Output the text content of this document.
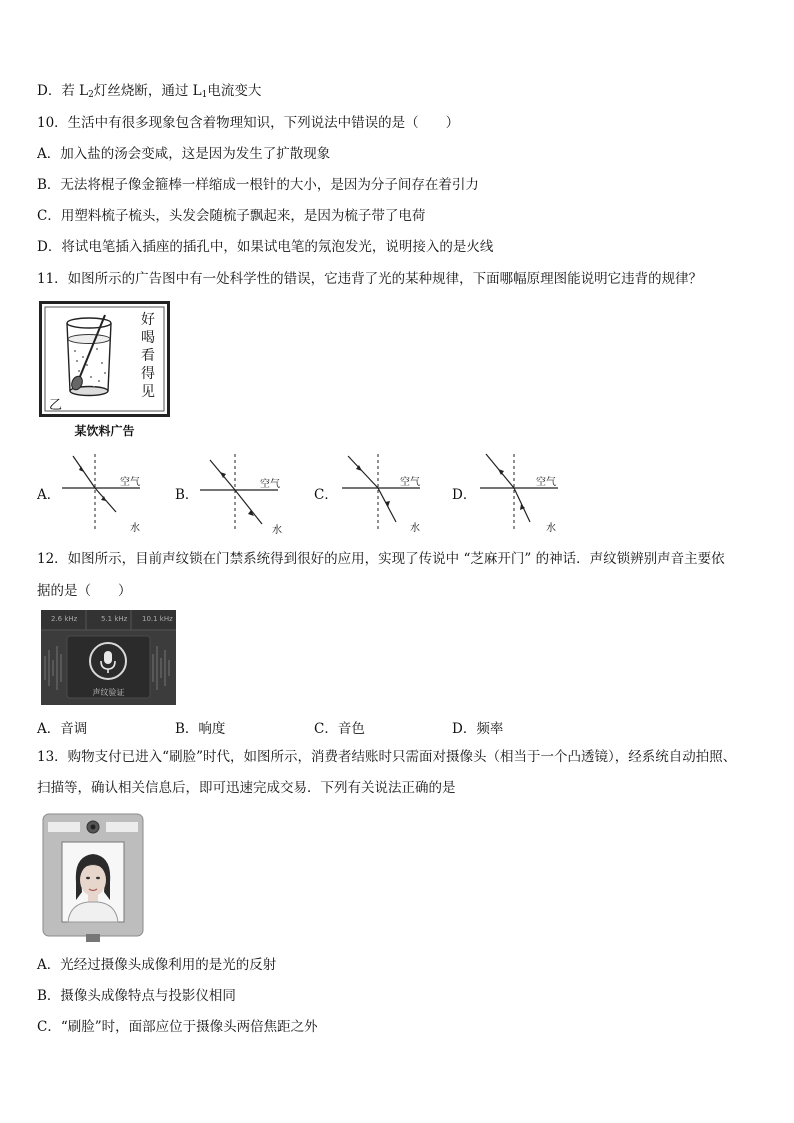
D．若 $L_2$灯丝烧断，通过 $L_1$电流变大
10．生活中有很多现象包含着物理知识，下列说法中错误的是（　　）
A．加入盐的汤会变咸，这是因为发生了扩散现象
B．无法将棍子像金箍棒一样缩成一根针的大小，是因为分子间存在着引力
C．用塑料梳子梳头，头发会随梳子飘起来，是因为梳子带了电荷
D．将试电笔插入插座的插孔中，如果试电笔的氖泡发光，说明接入的是火线
11．如图所示的广告图中有一处科学性的错误，它违背了光的某种规律，下面哪幅原理图能说明它违背的规律？
好
喝
看
得
见
乙
某饮料广告
A．
空气
水
B．
空气
水
C．
空气
水
D．
空气
水
12．如图所示，目前声纹锁在门禁系统得到很好的应用，实现了传说中 “芝麻开门” 的神话．声纹锁辨别声音主要依
据的是（　　）
2.6 kHz	5.1 kHz 10.1 kHz
声纹验证
A．音调	B．响度	C．音色	D．频率
13．购物支付已进入“刷脸”时代，如图所示，消费者结账时只需面对摄像头（相当于一个凸透镜），经系统自动拍照、
扫描等，确认相关信息后，即可迅速完成交易．下列有关说法正确的是
A．光经过摄像头成像利用的是光的反射
B．摄像头成像特点与投影仪相同
C．“刷脸”时，面部应位于摄像头两倍焦距之外
